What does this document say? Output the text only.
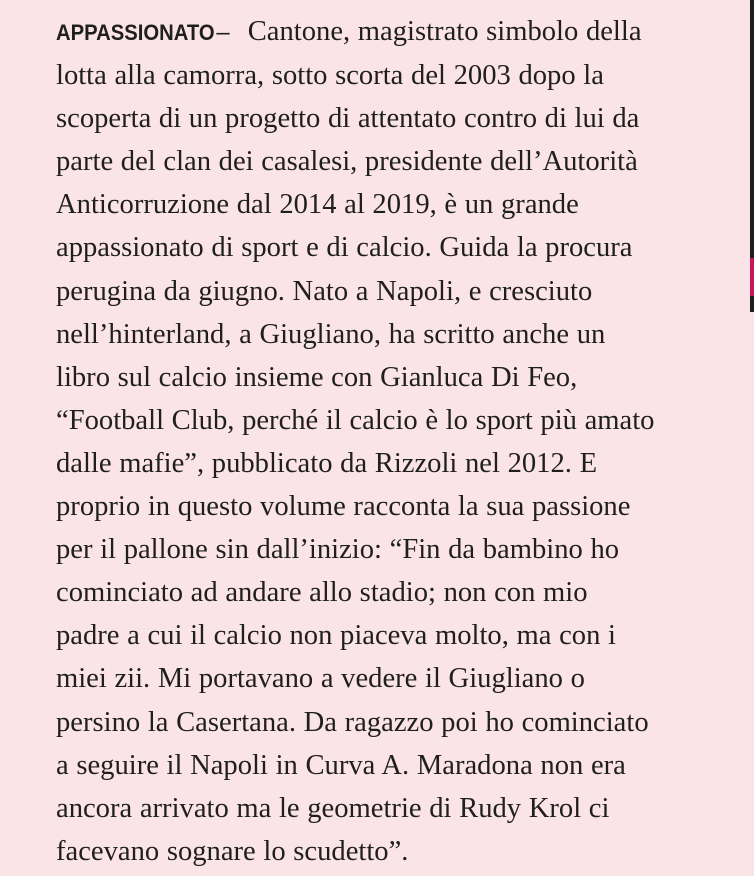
APPASSIONATO– Cantone, magistrato simbolo della
lotta alla camorra, sotto scorta del 2003 dopo la
scoperta di un progetto di attentato contro di lui da
parte del clan dei casalesi, presidente dell’Autorità
Anticorruzione dal 2014 al 2019, è un grande
appassionato di sport e di calcio. Guida la procura
perugina da giugno. Nato a Napoli, e cresciuto
nell’hinterland, a Giugliano, ha scritto anche un
libro sul calcio insieme con Gianluca Di Feo,
“Football Club, perché il calcio è lo sport più amato
dalle mafie”, pubblicato da Rizzoli nel 2012. E
proprio in questo volume racconta la sua passione
per il pallone sin dall’inizio: “Fin da bambino ho
cominciato ad andare allo stadio; non con mio
padre a cui il calcio non piaceva molto, ma con i
miei zii. Mi portavano a vedere il Giugliano o
persino la Casertana. Da ragazzo poi ho cominciato
a seguire il Napoli in Curva A. Maradona non era
ancora arrivato ma le geometrie di Rudy Krol ci
facevano sognare lo scudetto”.
